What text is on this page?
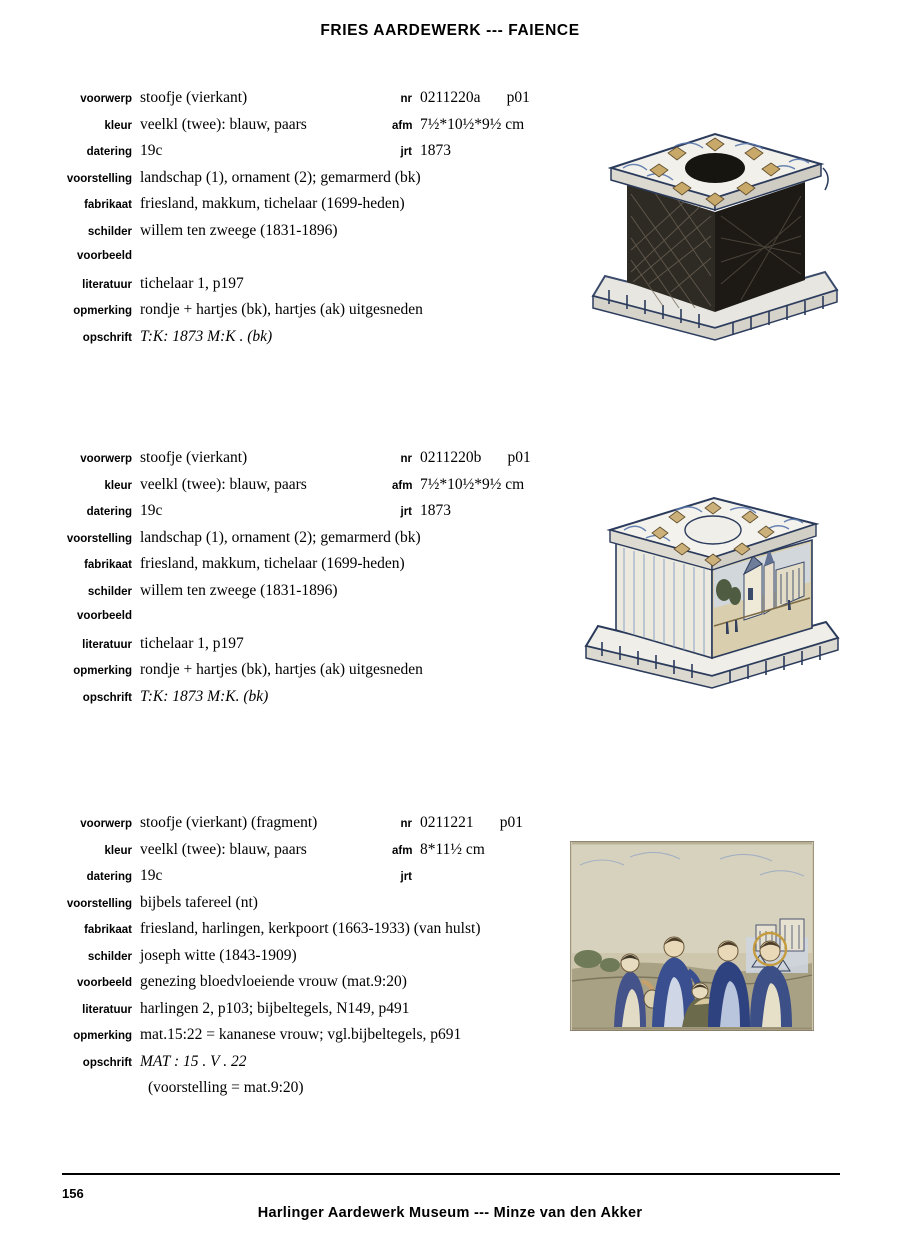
FRIES AARDEWERK --- FAIENCE
voorwerp stoofje (vierkant)	nr 0211220a p01
kleur veelkl (twee): blauw, paars	afm 7½*10½*9½ cm
datering 19c	jrt 1873
voorstelling landschap (1), ornament (2); gemarmerd (bk)
fabrikaat friesland, makkum, tichelaar (1699-heden)
schilder willem ten zweege (1831-1896)
voorbeeld
literatuur tichelaar 1, p197
opmerking rondje + hartjes (bk), hartjes (ak) uitgesneden
opschrift T:K: 1873 M:K . (bk)
voorwerp stoofje (vierkant)	nr 0211220b p01
kleur veelkl (twee): blauw, paars	afm 7½*10½*9½ cm
datering 19c	jrt 1873
voorstelling landschap (1), ornament (2); gemarmerd (bk)
fabrikaat friesland, makkum, tichelaar (1699-heden)
schilder willem ten zweege (1831-1896)
voorbeeld
literatuur tichelaar 1, p197
opmerking rondje + hartjes (bk), hartjes (ak) uitgesneden
opschrift T:K: 1873 M:K. (bk)
voorwerp stoofje (vierkant) (fragment)	nr 0211221 p01
kleur veelkl (twee): blauw, paars	afm 8*11½ cm
datering 19c	jrt
voorstelling bijbels tafereel (nt)
fabrikaat friesland, harlingen, kerkpoort (1663-1933) (van hulst)
schilder joseph witte (1843-1909)
voorbeeld genezing bloedvloeiende vrouw (mat.9:20)
literatuur harlingen 2, p103; bijbeltegels, N149, p491
opmerking mat.15:22 = kananese vrouw; vgl.bijbeltegels, p691
opschrift MAT : 15 . V . 22
(voorstelling = mat.9:20)
156
Harlinger Aardewerk Museum --- Minze van den Akker
